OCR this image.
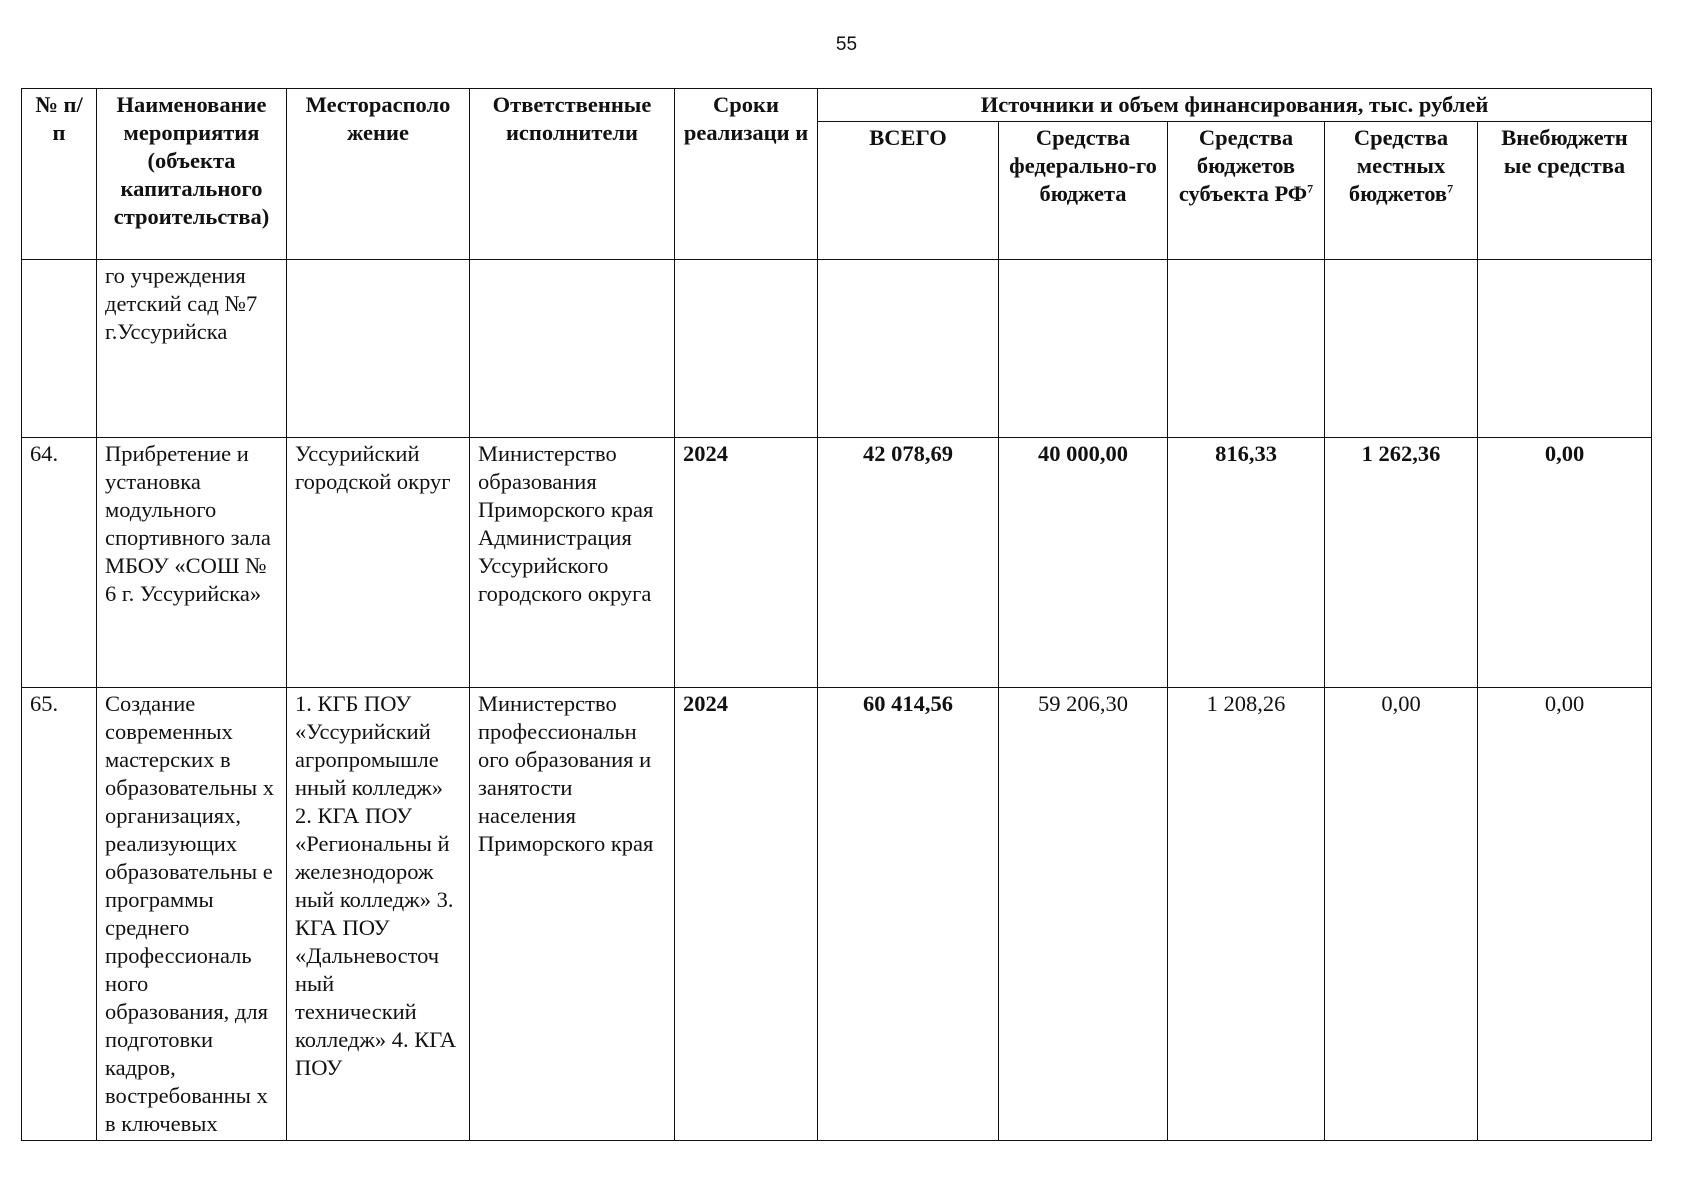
55
№ п/п	Наименование мероприятия (объекта капитального строительства)	Месторасполо жение	Ответственные исполнители	Сроки реализаци и	Источники и объем финансирования, тыс. рублей				
					ВСЕГО	Средства федерально-го бюджета	Средства бюджетов субъекта $РФ^7$	Средства местных бюджетов$^7$	Внебюджетн ые средства
	го учреждения детский сад №7 г.Уссурийска								
64.	Прибретение и установка модульного спортивного зала МБОУ «СОШ № 6 г. Уссурийска»	Уссурийский городской округ	Министерство образования Приморского края Администрация Уссурийского городского округа	2024	42 078,69	40 000,00	816,33	1 262,36	0,00
65.	Создание современных мастерских в образовательны х организациях, реализующих образовательны е программы среднего профессиональ ного образования, для подготовки кадров, востребованны х в ключевых	1. КГБ ПОУ «Уссурийский агропромышле нный колледж» 2. КГА ПОУ «Региональны й железнодорож ный колледж» 3. КГА ПОУ «Дальневосточ ный технический колледж» 4. КГА ПОУ	Министерство профессиональн ого образования и занятости населения Приморского края	2024	60 414,56	59 206,30	1 208,26	0,00	0,00
